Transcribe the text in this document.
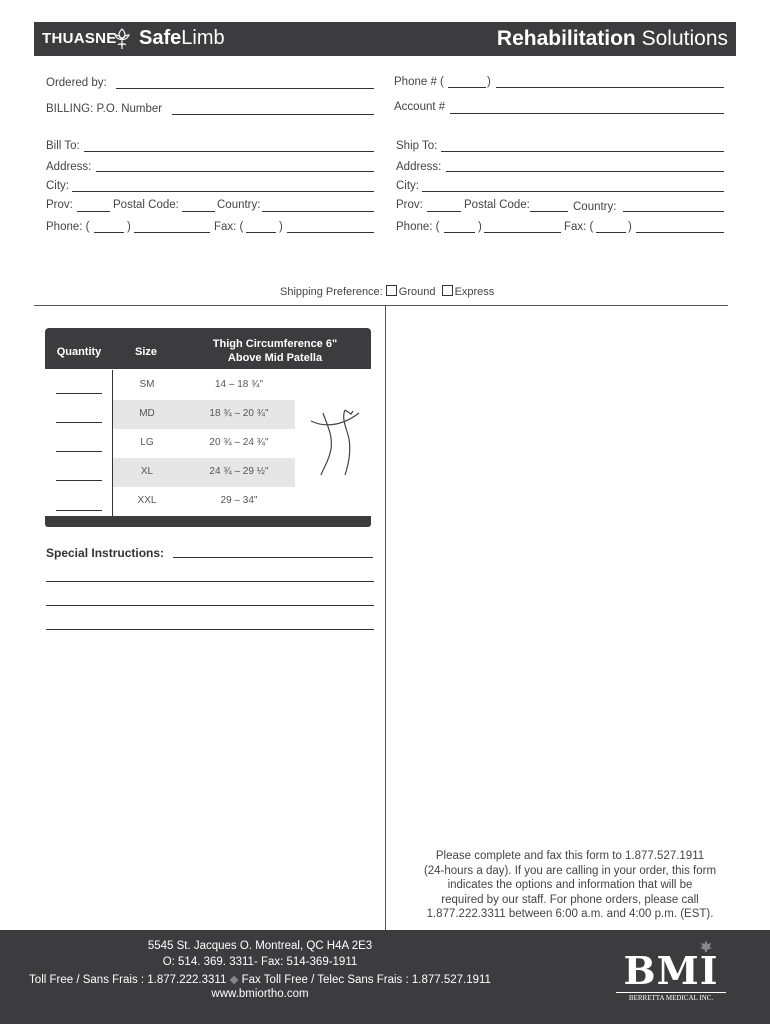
THUASNE SafeLimb	Rehabilitation Solutions
Ordered by:	Phone # (	)
BILLING: P.O. Number	Account #
Bill To:
Address:
City:
Prov:	Postal Code:	Country:
Phone: (	)	Fax: (	)
Ship To:
Address:
City:
Prov:	Postal Code:	Country:
Phone: (	)	Fax: (	)
Shipping Preference: Ground Express
Quantity	Size
Thigh Circumference 6"
Above Mid Patella
SM	14 – 18 ¾"
MD	18 ¾ – 20 ¾"
LG	20 ¾ – 24 ¾"
XL	24 ¾ – 29 ½"
XXL	29 – 34"
Special Instructions:
Please complete and fax this form to 1.877.527.1911
(24-hours a day). If you are calling in your order, this form
indicates the options and information that will be
required by our staff. For phone orders, please call
1.877.222.3311 between 6:00 a.m. and 4:00 p.m. (EST).
5545 St. Jacques O. Montreal, QC H4A 2E3
O: 514. 369. 3311- Fax: 514-369-1911
Toll Free / Sans Frais : 1.877.222.3311 ◆ Fax Toll Free / Telec Sans Frais : 1.877.527.1911
www.bmiortho.com
BMI
BERRETTA MEDICAL INC.
